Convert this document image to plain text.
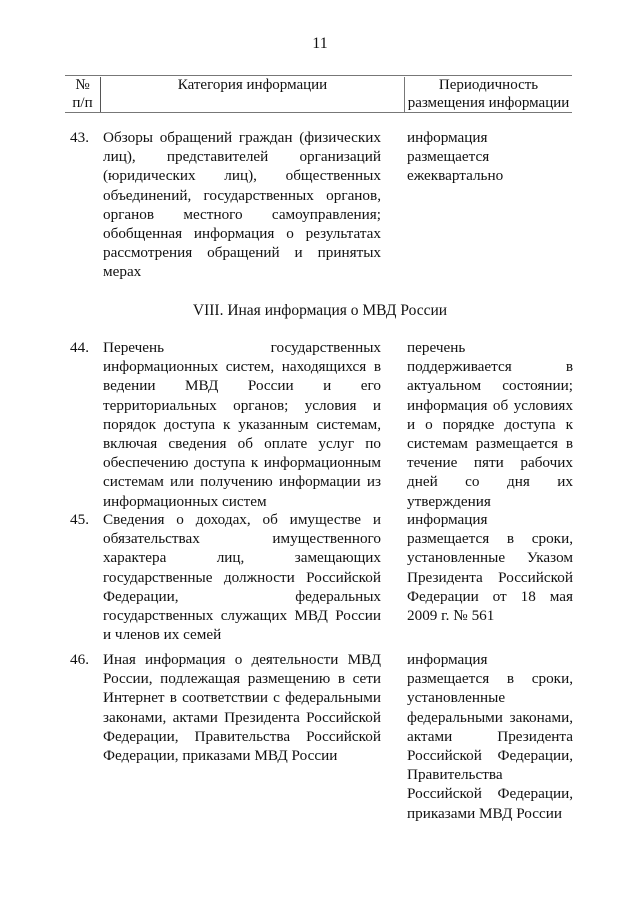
11
№
п/п
Категория информации	Периодичность
размещения информации
43. Обзоры обращений граждан (физических
лиц), представителей организаций
(юридических лиц), общественных
объединений, государственных органов,
органов местного самоуправления;
обобщенная информация о результатах
рассмотрения обращений и принятых
мерах
информация
размещается
ежеквартально
VIII. Иная информация о МВД России
44. Перечень государственных
информационных систем, находящихся в
ведении МВД России и его
территориальных органов; условия и
порядок доступа к указанным системам,
включая сведения об оплате услуг по
обеспечению доступа к информационным
системам или получению информации из
информационных систем
перечень
поддерживается в
актуальном состоянии;
информация об условиях
и о порядке доступа к
системам размещается в
течение пяти рабочих
дней со дня их
утверждения
45. Сведения о доходах, об имуществе и
обязательствах имущественного
характера лиц, замещающих
государственные должности Российской
Федерации, федеральных
государственных служащих МВД России
и членов их семей
информация
размещается в сроки,
установленные Указом
Президента Российской
Федерации от 18 мая
2009 г. № 561
46. Иная информация о деятельности МВД
России, подлежащая размещению в сети
Интернет в соответствии с федеральными
законами, актами Президента Российской
Федерации, Правительства Российской
Федерации, приказами МВД России
информация
размещается в сроки,
установленные
федеральными законами,
актами Президента
Российской Федерации,
Правительства
Российской Федерации,
приказами МВД России
